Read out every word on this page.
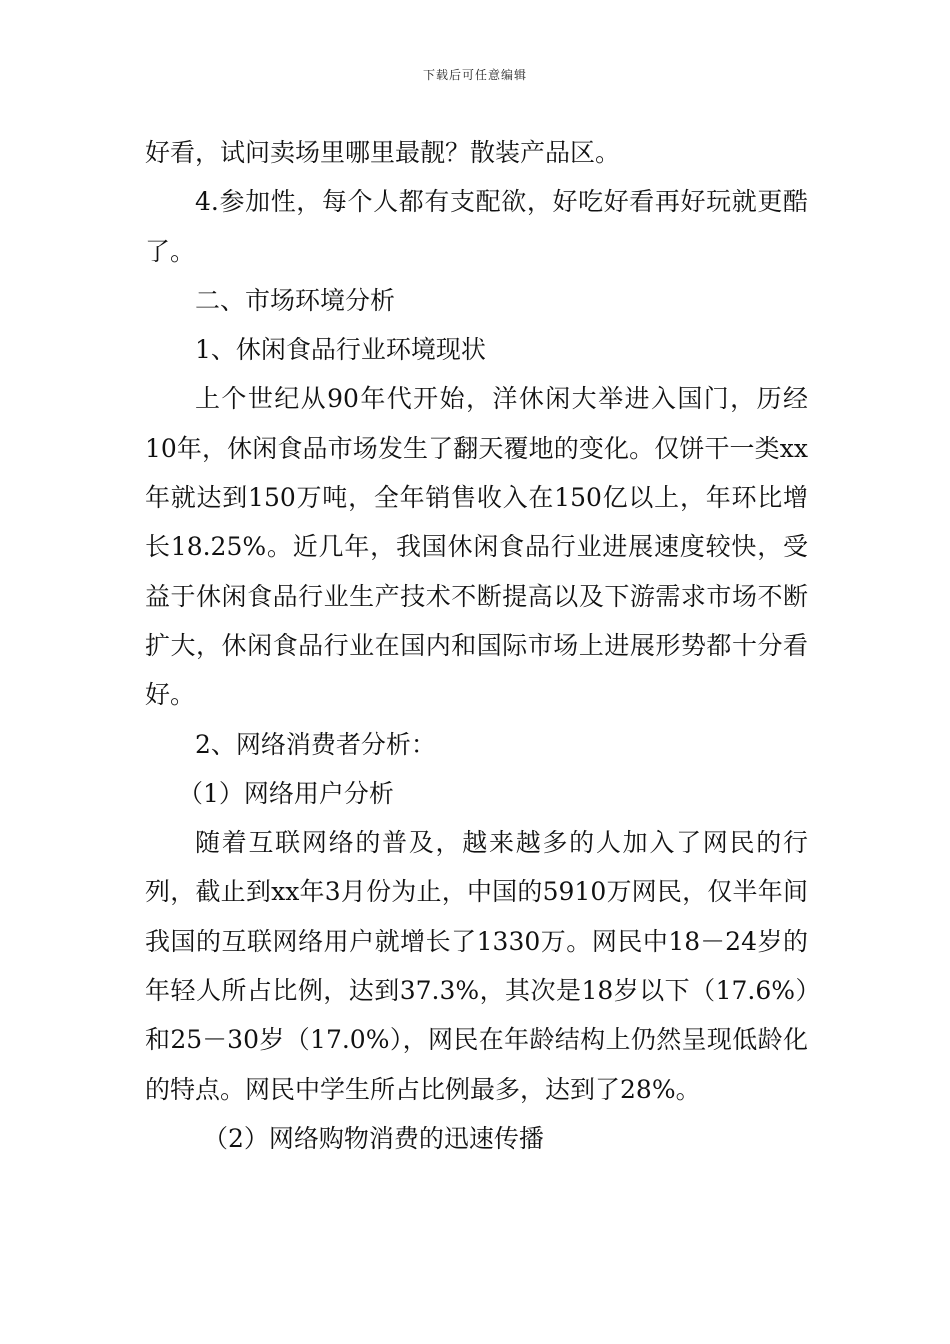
下载后可任意编辑

好看，试问卖场里哪里最靓？散装产品区。

4.参加性，每个人都有支配欲，好吃好看再好玩就更酷了。

二、市场环境分析

1、休闲食品行业环境现状

上个世纪从90年代开始，洋休闲大举进入国门，历经10年，休闲食品市场发生了翻天覆地的变化。仅饼干一类xx年就达到150万吨，全年销售收入在150亿以上，年环比增长18.25%。近几年，我国休闲食品行业进展速度较快，受益于休闲食品行业生产技术不断提高以及下游需求市场不断扩大，休闲食品行业在国内和国际市场上进展形势都十分看好。

2、网络消费者分析：

（1）网络用户分析

随着互联网络的普及，越来越多的人加入了网民的行列，截止到xx年3月份为止，中国的5910万网民，仅半年间我国的互联网络用户就增长了1330万。网民中18－24岁的年轻人所占比例，达到37.3%，其次是18岁以下（17.6%）和25－30岁（17.0%），网民在年龄结构上仍然呈现低龄化的特点。网民中学生所占比例最多，达到了28%。

（2）网络购物消费的迅速传播
